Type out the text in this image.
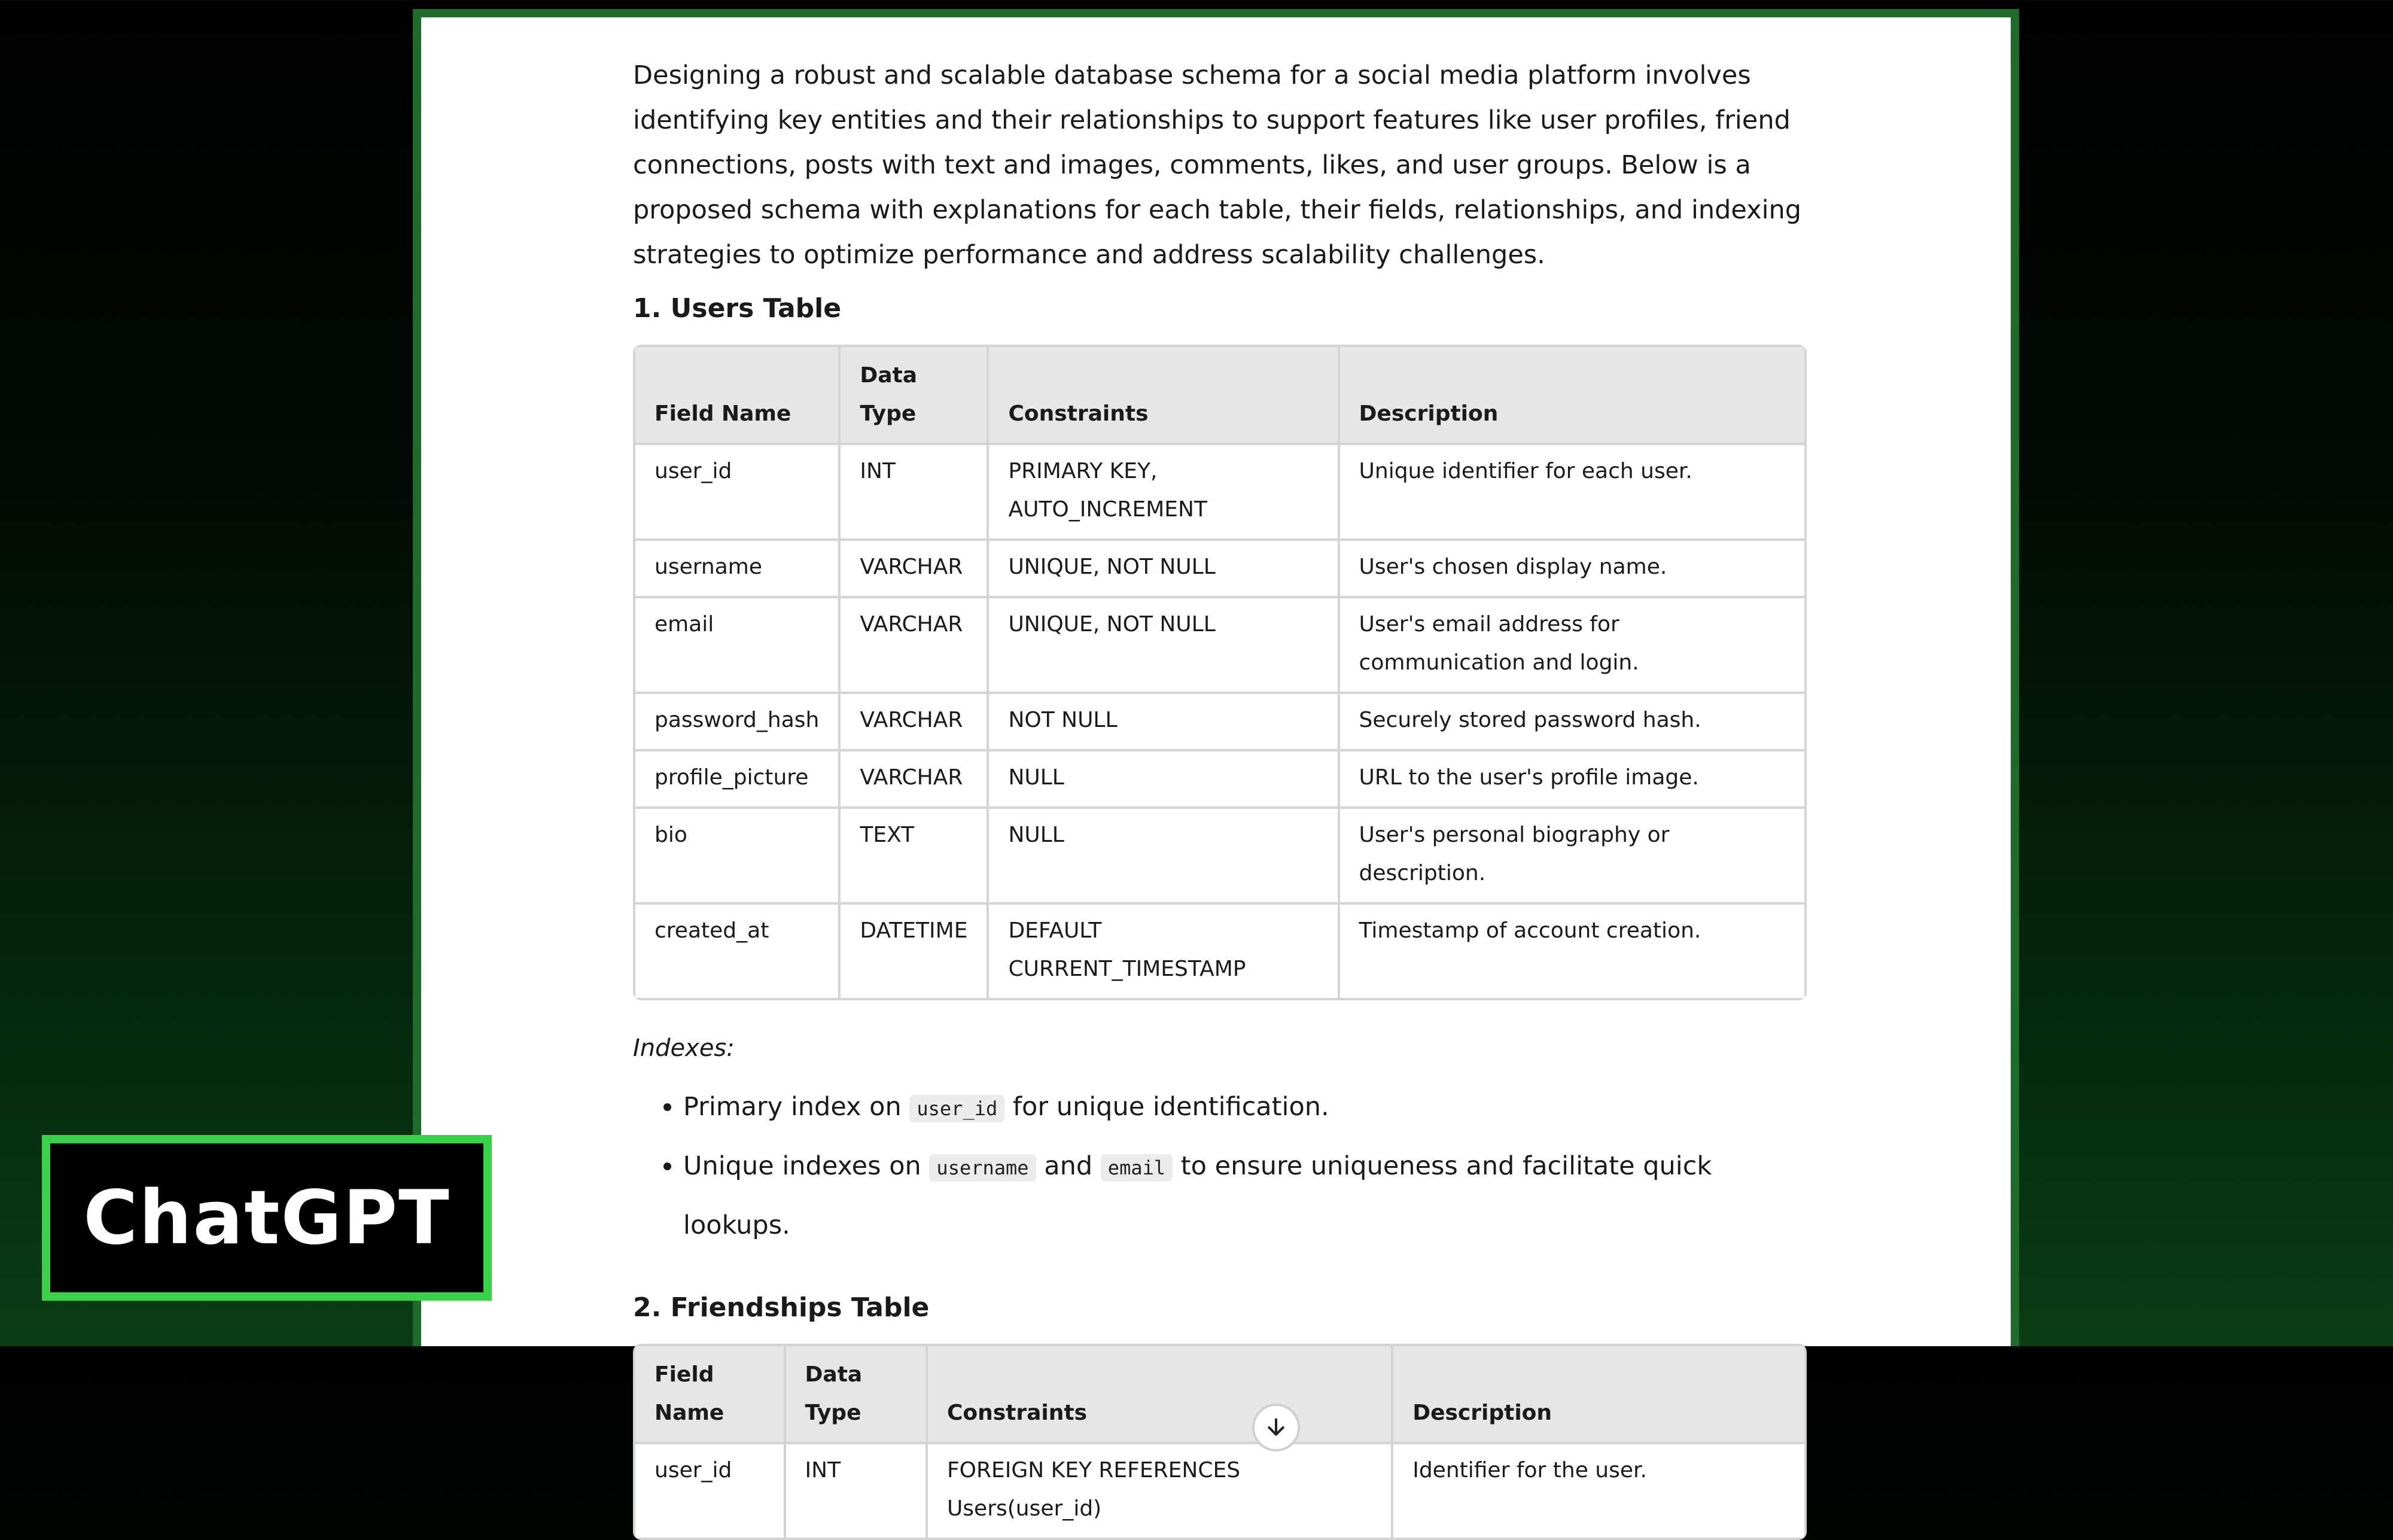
Designing a robust and scalable database schema for a social media platform involves identifying key entities and their relationships to support features like user profiles, friend connections, posts with text and images, comments, likes, and user groups. Below is a proposed schema with explanations for each table, their fields, relationships, and indexing strategies to optimize performance and address scalability challenges.

1. Users Table
Field Name	Data Type	Constraints	Description
user_id	INT	PRIMARY KEY, AUTO_INCREMENT	Unique identifier for each user.
username	VARCHAR	UNIQUE, NOT NULL	User's chosen display name.
email	VARCHAR	UNIQUE, NOT NULL	User's email address for communication and login.
password_hash	VARCHAR	NOT NULL	Securely stored password hash.
profile_picture	VARCHAR	NULL	URL to the user's profile image.
bio	TEXT	NULL	User's personal biography or description.
created_at	DATETIME	DEFAULT CURRENT_TIMESTAMP	Timestamp of account creation.
Indexes:
• Primary index on user_id for unique identification.
• Unique indexes on username and email to ensure uniqueness and facilitate quick lookups.
2. Friendships Table
Field Name	Data Type	Constraints	Description
user_id	INT	FOREIGN KEY REFERENCES Users(user_id)	Identifier for the user.
ChatGPT
